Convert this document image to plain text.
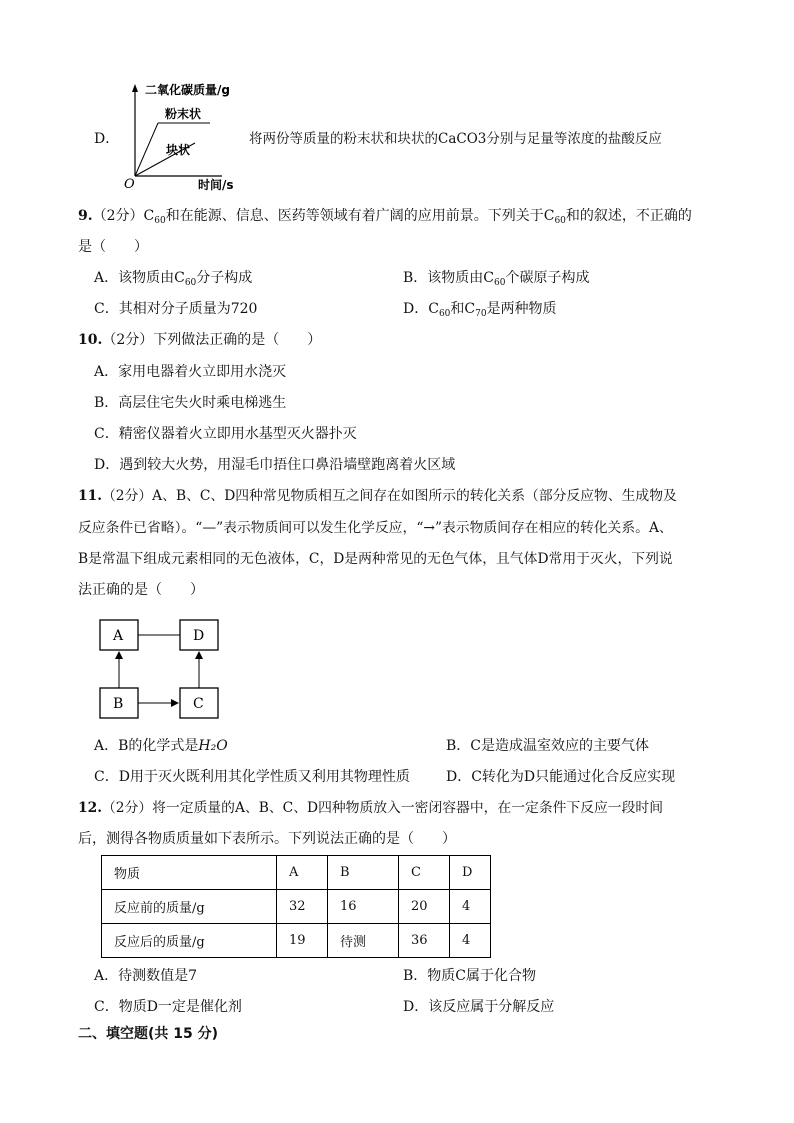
D．
二氧化碳质量/g
粉末状
块状
O	时间/s
将两份等质量的粉末状和块状的CaCO3分别与足量等浓度的盐酸反应
9.（2分）$C_{60}$和在能源、信息、医药等领域有着广阔的应用前景。下列关于$C_{60}$和的叙述，不正确的
是（　　）
A．该物质由$C_{60}$分子构成	B．该物质由$C_{60}$个碳原子构成
C．其相对分子质量为720	D．$C_{60}$和$C_{70}$是两种物质
10.（2分）下列做法正确的是（　　）
A．家用电器着火立即用水浇灭
B．高层住宅失火时乘电梯逃生
C．精密仪器着火立即用水基型灭火器扑灭
D．遇到较大火势，用湿毛巾捂住口鼻沿墙壁跑离着火区域
11.（2分）A、B、C、D四种常见物质相互之间存在如图所示的转化关系（部分反应物、生成物及
反应条件已省略）。“—”表示物质间可以发生化学反应，“→”表示物质间存在相应的转化关系。A、
B是常温下组成元素相同的无色液体，C，D是两种常见的无色气体，且气体D常用于灭火，下列说
法正确的是（　　）
A	D
B	C
A．B的化学式是H₂O	B．C是造成温室效应的主要气体
C．D用于灭火既利用其化学性质又利用其物理性质	D．C转化为D只能通过化合反应实现
12.（2分）将一定质量的A、B、C、D四种物质放入一密闭容器中，在一定条件下反应一段时间
后，测得各物质质量如下表所示。下列说法正确的是（　　）
物质	A	B	C	D
反应前的质量/g	32	16	20	4
反应后的质量/g	19	待测	36	4
A．待测数值是7	B．物质C属于化合物
C．物质D一定是催化剂	D．该反应属于分解反应
二、填空题(共 15 分)
